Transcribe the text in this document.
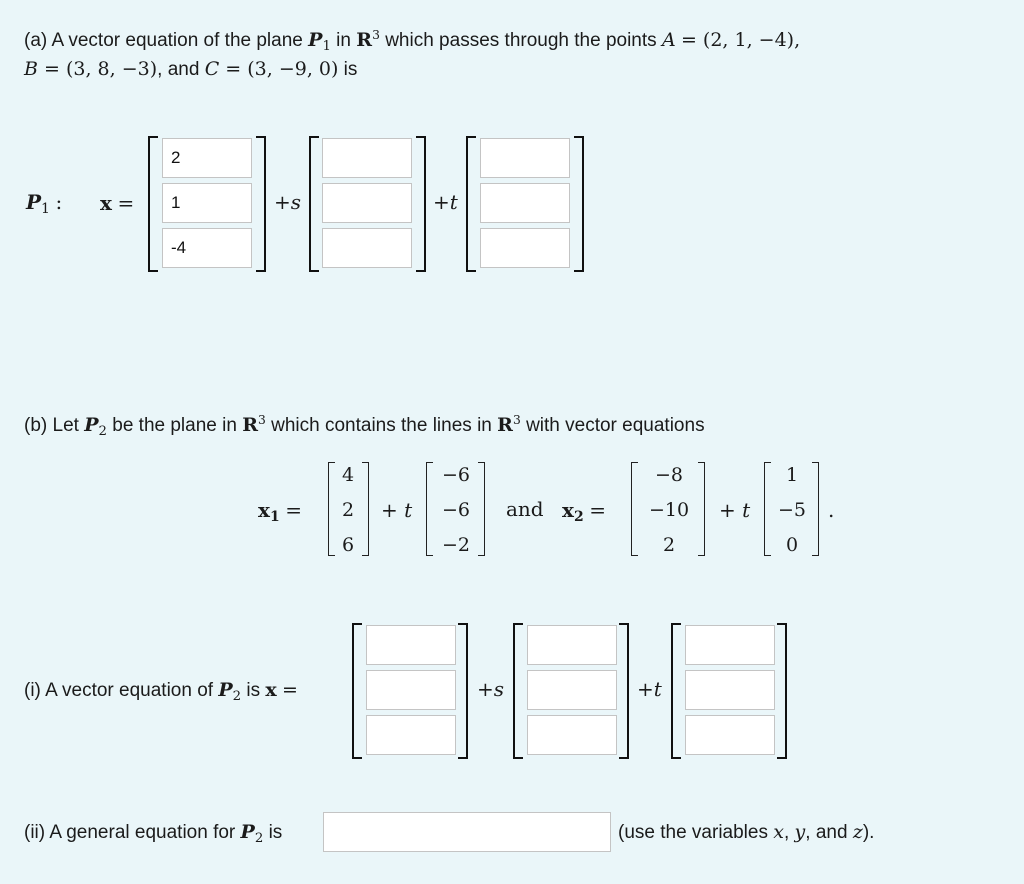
(a) A vector equation of the plane $P_1$ in $R^3$ which passes through the points A = (2, 1, −4),
B = (3, 8, −3), and C = (3, −9, 0) is
$P_1$ : x =
2
1
-4
+s	+t
(b) Let $P_2$ be the plane in $R^3$ which contains the lines in $R^3$ with vector equations
$x_1$ =
4
2
6
+ t
−6
−6
−2
and $x_2$ =
−8
−10
2
+ t
1
−5
0
.
(i) A vector equation of $P_2$ is x =	+s	+t
(ii) A general equation for $P_2$ is	(use the variables x, y, and z).
